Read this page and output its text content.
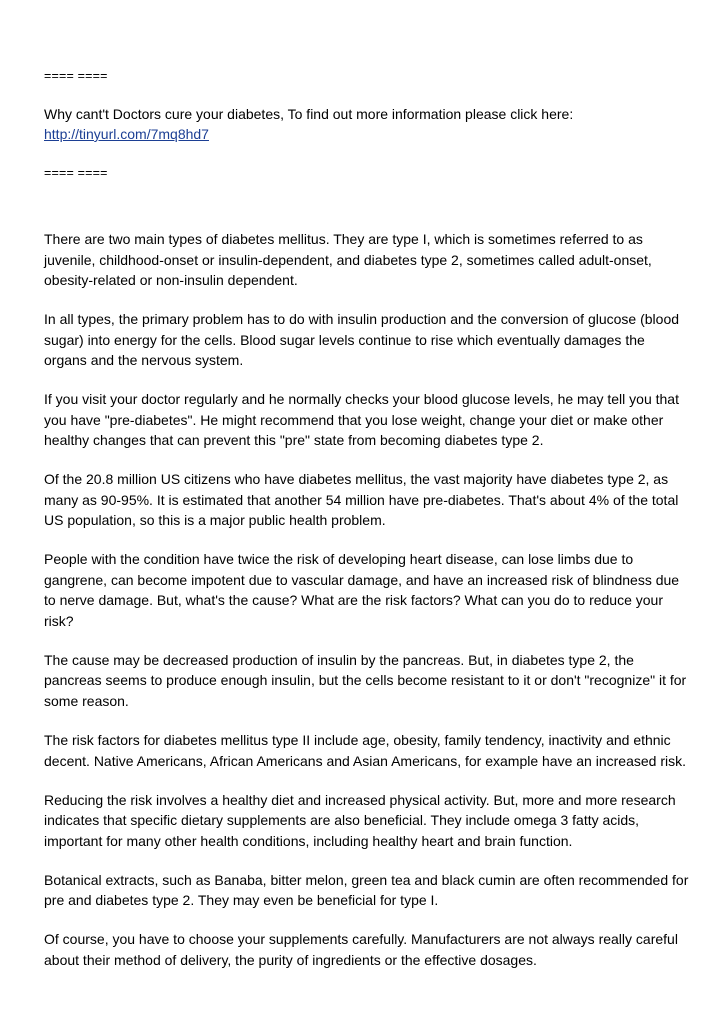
==== ====
Why cant't Doctors cure your diabetes, To find out more information please click here:
http://tinyurl.com/7mq8hd7
==== ====

There are two main types of diabetes mellitus. They are type I, which is sometimes referred to as juvenile, childhood-onset or insulin-dependent, and diabetes type 2, sometimes called adult-onset, obesity-related or non-insulin dependent.

In all types, the primary problem has to do with insulin production and the conversion of glucose (blood sugar) into energy for the cells. Blood sugar levels continue to rise which eventually damages the organs and the nervous system.

If you visit your doctor regularly and he normally checks your blood glucose levels, he may tell you that you have "pre-diabetes". He might recommend that you lose weight, change your diet or make other healthy changes that can prevent this "pre" state from becoming diabetes type 2.

Of the 20.8 million US citizens who have diabetes mellitus, the vast majority have diabetes type 2, as many as 90-95%. It is estimated that another 54 million have pre-diabetes. That's about 4% of the total US population, so this is a major public health problem.

People with the condition have twice the risk of developing heart disease, can lose limbs due to gangrene, can become impotent due to vascular damage, and have an increased risk of blindness due to nerve damage. But, what's the cause? What are the risk factors? What can you do to reduce your risk?

The cause may be decreased production of insulin by the pancreas. But, in diabetes type 2, the pancreas seems to produce enough insulin, but the cells become resistant to it or don't "recognize" it for some reason.

The risk factors for diabetes mellitus type II include age, obesity, family tendency, inactivity and ethnic decent. Native Americans, African Americans and Asian Americans, for example have an increased risk.

Reducing the risk involves a healthy diet and increased physical activity. But, more and more research indicates that specific dietary supplements are also beneficial. They include omega 3 fatty acids, important for many other health conditions, including healthy heart and brain function.

Botanical extracts, such as Banaba, bitter melon, green tea and black cumin are often recommended for pre and diabetes type 2. They may even be beneficial for type I.

Of course, you have to choose your supplements carefully. Manufacturers are not always really careful about their method of delivery, the purity of ingredients or the effective dosages.
